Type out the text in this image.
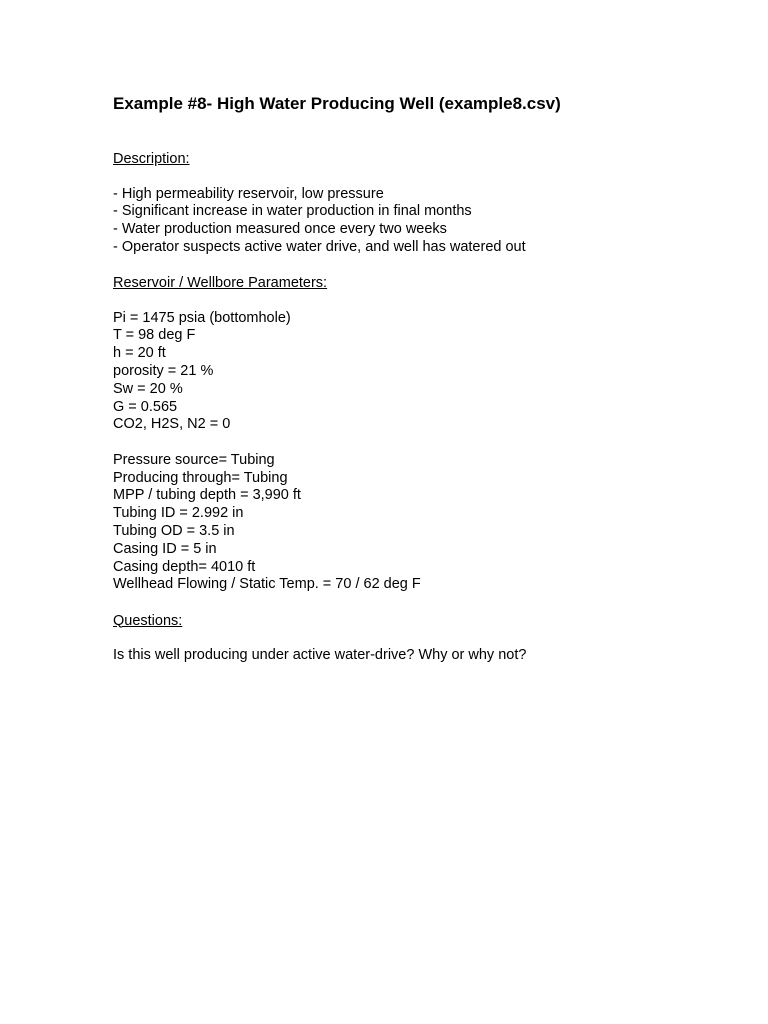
Example #8- High Water Producing Well (example8.csv)
Description:
- High permeability reservoir, low pressure
- Significant increase in water production in final months
- Water production measured once every two weeks
- Operator suspects active water drive, and well has watered out
Reservoir / Wellbore Parameters:
Pi = 1475 psia (bottomhole)
T = 98 deg F
h = 20 ft
porosity = 21 %
Sw = 20 %
G = 0.565
CO2, H2S, N2 = 0
Pressure source= Tubing
Producing through= Tubing
MPP / tubing depth = 3,990 ft
Tubing ID = 2.992 in
Tubing OD = 3.5 in
Casing ID = 5 in
Casing depth= 4010 ft
Wellhead Flowing / Static Temp. = 70 / 62 deg F
Questions:
Is this well producing under active water-drive? Why or why not?
